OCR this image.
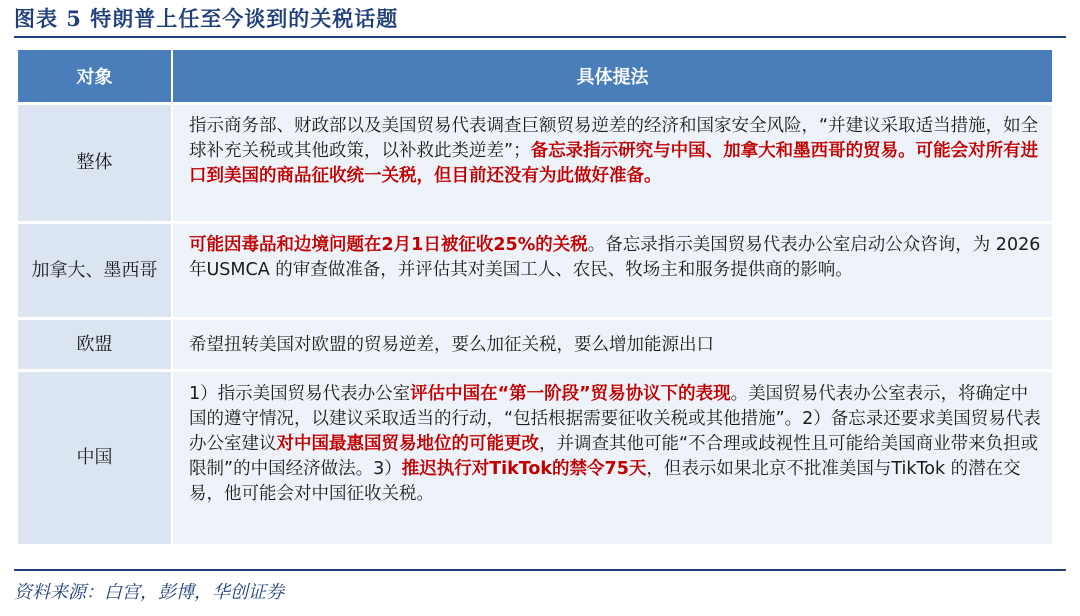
图表 5 特朗普上任至今谈到的关税话题
对象	具体提法
整体	指示商务部、财政部以及美国贸易代表调查巨额贸易逆差的经济和国家安全风险，“并建议采取适当措施，如全球补充关税或其他政策，以补救此类逆差”；备忘录指示研究与中国、加拿大和墨西哥的贸易。可能会对所有进口到美国的商品征收统一关税，但目前还没有为此做好准备。
加拿大、墨西哥	可能因毒品和边境问题在2月1日被征收25%的关税。备忘录指示美国贸易代表办公室启动公众咨询，为 2026 年USMCA 的审查做准备，并评估其对美国工人、农民、牧场主和服务提供商的影响。
欧盟	希望扭转美国对欧盟的贸易逆差，要么加征关税，要么增加能源出口
中国	1）指示美国贸易代表办公室评估中国在“第一阶段”贸易协议下的表现。美国贸易代表办公室表示，将确定中国的遵守情况，以建议采取适当的行动，“包括根据需要征收关税或其他措施”。2）备忘录还要求美国贸易代表办公室建议对中国最惠国贸易地位的可能更改，并调查其他可能“不合理或歧视性且可能给美国商业带来负担或限制”的中国经济做法。3）推迟执行对TikTok的禁令75天，但表示如果北京不批准美国与TikTok 的潜在交易，他可能会对中国征收关税。
资料来源：白宫，彭博，华创证券
